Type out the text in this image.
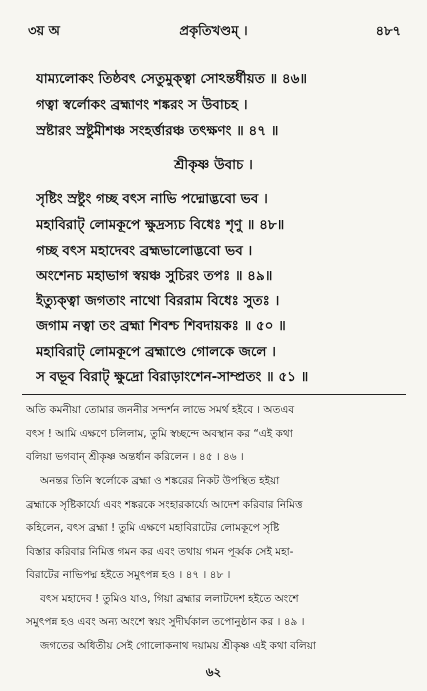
৩য় অ	প্রকৃতিখণ্ডম্‌ ।	৪৮৭
যাম্যলোকং তিষ্ঠবৎ সেতুমুক্ত্বা সোঽন্তর্ধীয়ত ॥ ৪৬॥
গত্বা স্বর্লোকং ব্রহ্মাণং শঙ্করং স উবাচহ ।
স্রষ্টারং স্রষ্টুমীশঞ্চ সংহর্ত্তারঞ্চ তৎক্ষণং ॥ ৪৭ ॥
শ্রীকৃষ্ণ উবাচ ।
সৃষ্টিং স্রষ্টুং গচ্ছ বৎস নাভি পদ্মোদ্ভবো ভব ।
মহাবিরাট্‌ লোমকূপে ক্ষুদ্রস্যচ বিধেঃ শৃণু ॥ ৪৮॥
গচ্ছ বৎস মহাদেবং ব্রহ্মভালোদ্ভবো ভব ।
অংশেনচ মহাভাগ স্বয়ঞ্চ সুচিরং তপঃ ॥ ৪৯॥
ইত্যুক্ত্বা জগতাং নাথো বিররাম বিধেঃ সুতঃ ।
জগাম নত্বা তং ব্রহ্মা শিবশ্চ শিবদায়কঃ ॥ ৫০ ॥
মহাবিরাট্‌ লোমকূপে ব্রহ্মাণ্ডে গোলকে জলে ।
স বভূব বিরাট্‌ ক্ষুদ্রো বিরাড়াংশেন-সাম্প্রতং ॥ ৫১ ॥
অতি কমনীয়া তোমার জননীর সন্দর্শন লাভে সমর্থ হইবে । অতএব
বৎস ! আমি এক্ষণে চলিলাম, তুমি স্বচ্ছন্দে অবস্থান কর “এই কথা
বলিয়া ভগবান্‌ শ্রীকৃষ্ণ অন্তর্ধান করিলেন । ৪৫ । ৪৬ ।
অনন্তর তিনি স্বর্লোকে ব্রহ্মা ও শঙ্করের নিকট উপস্থিত হইয়া
ব্রহ্মাকে সৃষ্টিকার্য্যে এবং শঙ্করকে সংহারকার্য্যে আদেশ করিবার নিমিত্ত
কহিলেন, বৎস ব্রহ্মা ! তুমি এক্ষণে মহাবিরাটের লোমকূপে সৃষ্টি
বিস্তার করিবার নিমিত্ত গমন কর এবং তথায় গমন পূর্ব্বক সেই মহা-
বিরাটের নাভিপদ্ম হইতে সমুৎপন্ন হও । ৪৭ । ৪৮ ।
বৎস মহাদেব ! তুমিও যাও, গিয়া ব্রহ্মার ললাটদেশ হইতে অংশে
সমুৎপন্ন হও এবং অন্য অংশে স্বয়ং সুদীর্ঘকাল তপোনুষ্ঠান কর । ৪৯ ।
জগতের অধিতীয় সেই গোলোকনাথ দয়াময় শ্রীকৃষ্ণ এই কথা বলিয়া
৬২
